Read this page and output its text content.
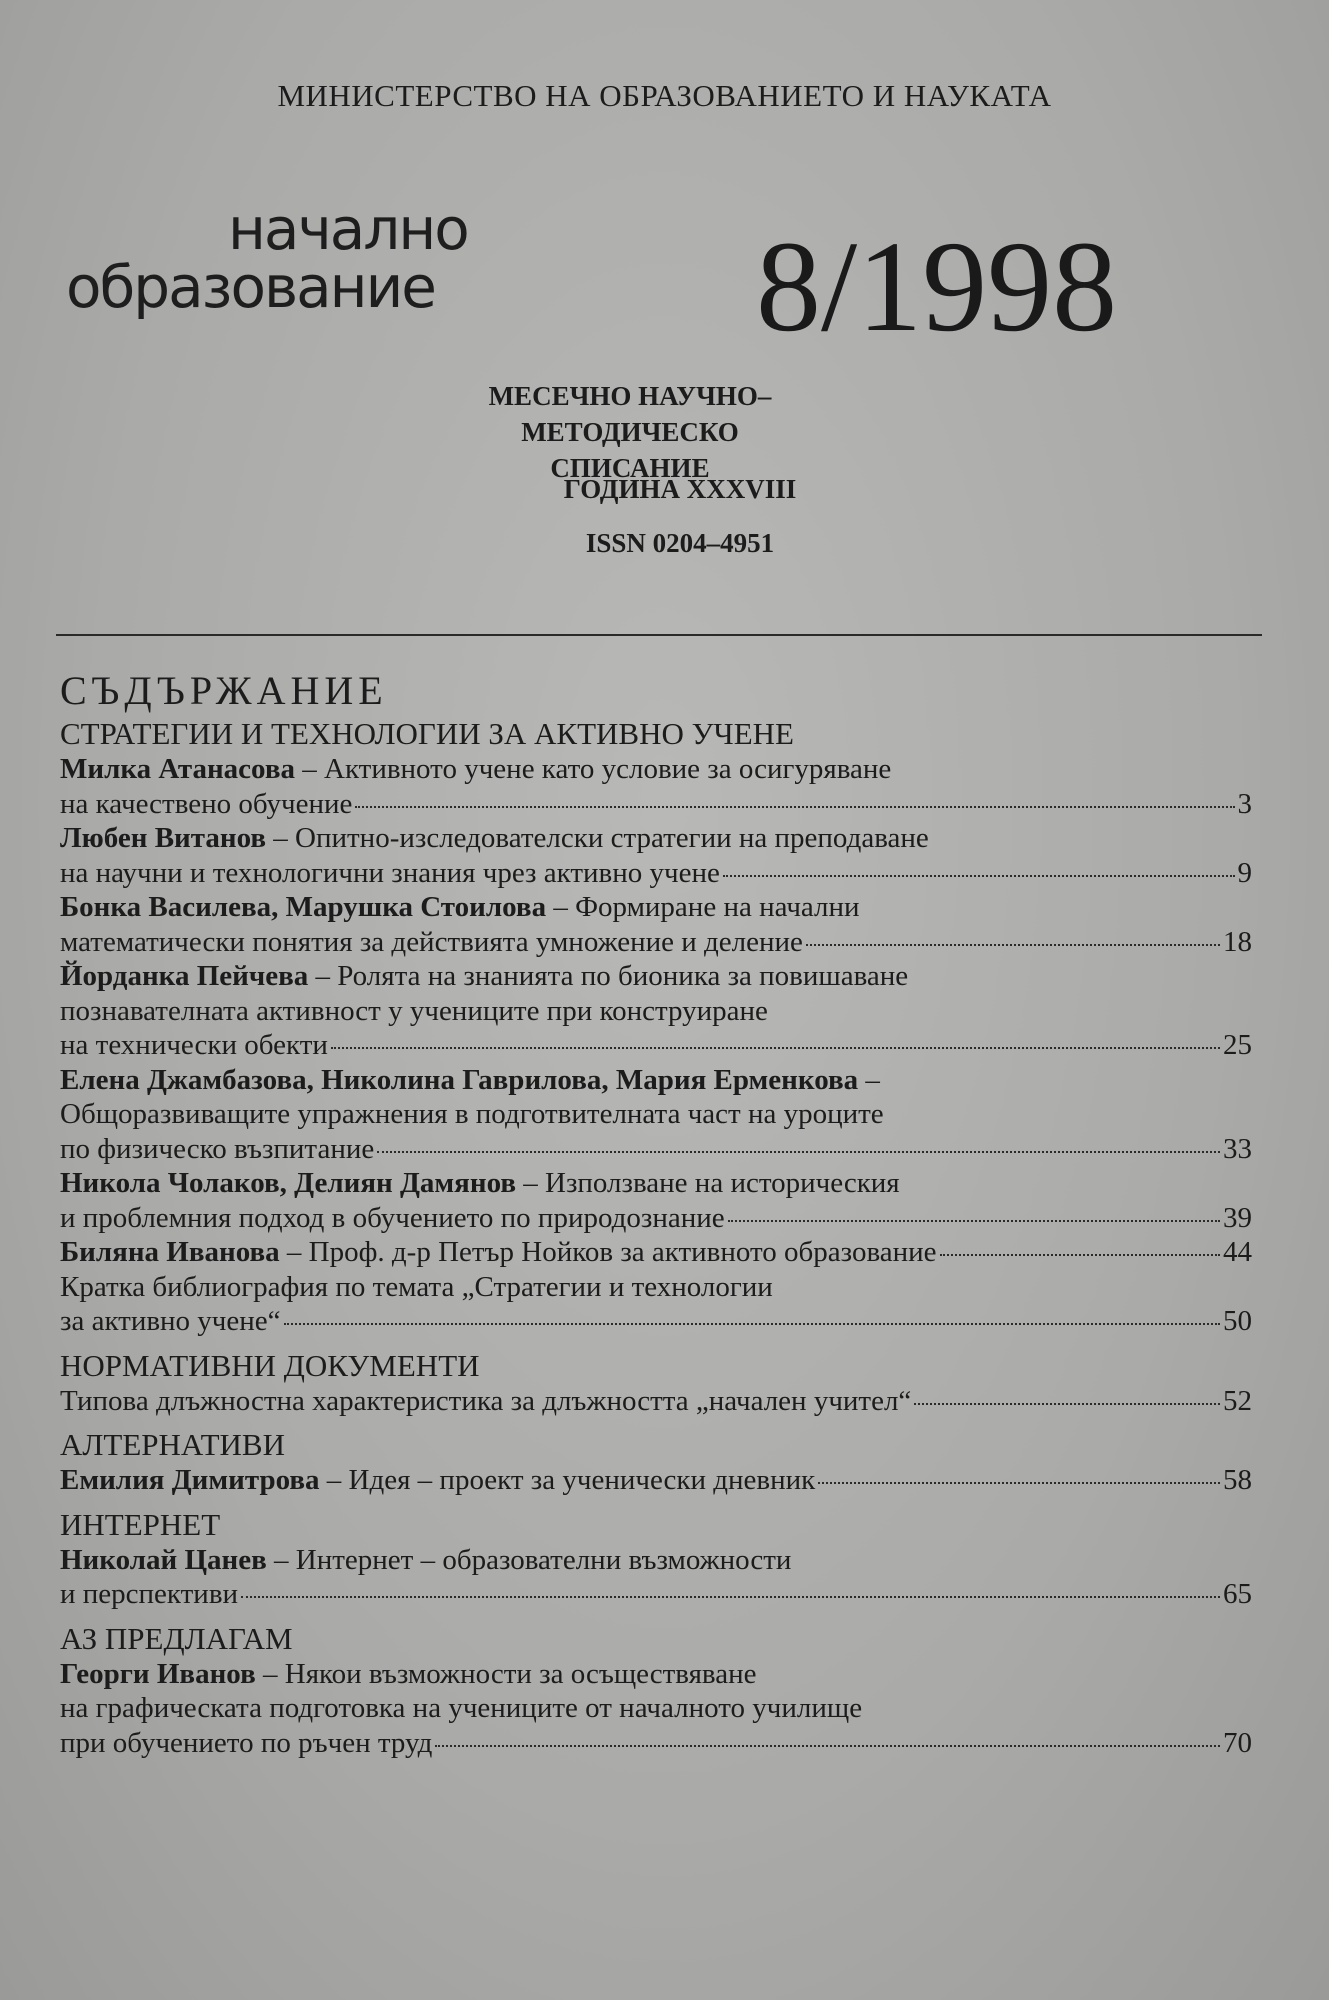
МИНИСТЕРСТВО НА ОБРАЗОВАНИЕТО И НАУКАТА
начално
образование 8/1998
МЕСЕЧНО НАУЧНО–МЕТОДИЧЕСКО
СПИСАНИЕ
ГОДИНА XXXVIII
ISSN 0204–4951
СЪДЪРЖАНИЕ
СТРАТЕГИИ И ТЕХНОЛОГИИ ЗА АКТИВНО УЧЕНЕ
Милка Атанасова – Активното учене като условие за осигуряване
на качествено обучение	3
Любен Витанов – Опитно-изследователски стратегии на преподаване
на научни и технологични знания чрез активно учене	9
Бонка Василева, Марушка Стоилова – Формиране на начални
математически понятия за действията умножение и деление	18
Йорданка Пейчева – Ролята на знанията по бионика за повишаване
познавателната активност у учениците при конструиране
на технически обекти	25
Елена Джамбазова, Николина Гаврилова, Мария Ерменкова –
Общоразвиващите упражнения в подготвителната част на уроците
по физическо възпитание	33
Никола Чолаков, Делиян Дамянов – Използване на историческия
и проблемния подход в обучението по природознание	39
Биляна Иванова – Проф. д-р Петър Нойков за активното образование	44
Кратка библиография по темата „Стратегии и технологии
за активно учене“	50
НОРМАТИВНИ ДОКУМЕНТИ
Типова длъжностна характеристика за длъжността „начален учител“	52
АЛТЕРНАТИВИ
Емилия Димитрова – Идея – проект за ученически дневник	58
ИНТЕРНЕТ
Николай Цанев – Интернет – образователни възможности
и перспективи	65
АЗ ПРЕДЛАГАМ
Георги Иванов – Някои възможности за осъществяване
на графическата подготовка на учениците от началното училище
при обучението по ръчен труд	70
